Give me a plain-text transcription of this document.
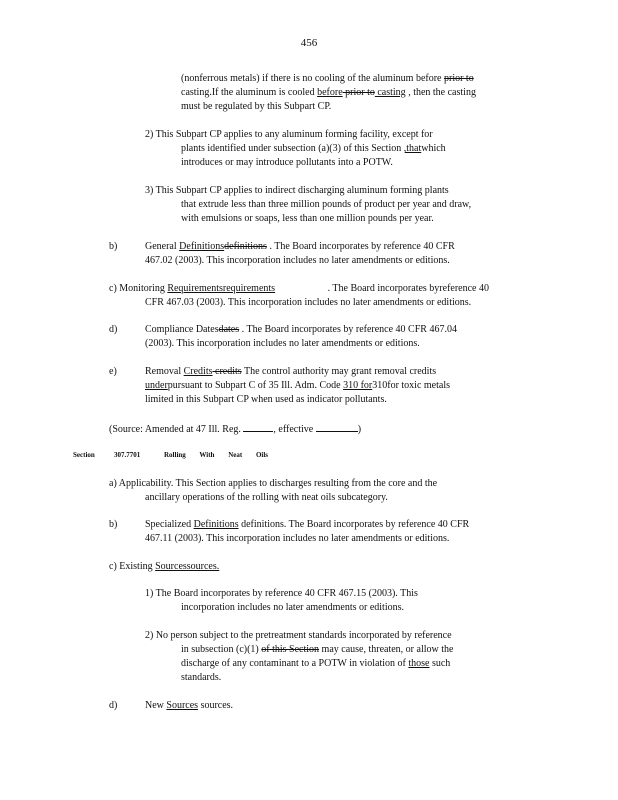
456
(nonferrous metals) if there is no cooling of the aluminum before prior to
casting.If the aluminum is cooled before prior to casting , then the casting
must be regulated by this Subpart CP.
2) This Subpart CP applies to any aluminum forming facility, except for
plants identified under subsection (a)(3) of this Section ,thatwhich
introduces or may introduce pollutants into a POTW.
3) This Subpart CP applies to indirect discharging aluminum forming plants
that extrude less than three million pounds of product per year and draw,
with emulsions or soaps, less than one million pounds per year.
b)	General Definitionsdefinitions . The Board incorporates by reference 40 CFR
467.02 (2003). This incorporation includes no later amendments or editions.
c) Monitoring Requirementsrequirements	. The Board incorporates byreference 40
CFR 467.03 (2003). This incorporation includes no later amendments or editions.
d)	Compliance Datesdates . The Board incorporates by reference 40 CFR 467.04
(2003). This incorporation includes no later amendments or editions.
e)	Removal Credits credits The control authority may grant removal credits
underpursuant to Subpart C of 35 Ill. Adm. Code 310 for310for toxic metals
limited in this Subpart CP when used as indicator pollutants.
(Source: Amended at 47 Ill. Reg.	, effective	)
Section	307.7701	Rolling With Neat Oils
a) Applicability. This Section applies to discharges resulting from the core and the
ancillary operations of the rolling with neat oils subcategory.
b)	Specialized Definitions definitions. The Board incorporates by reference 40 CFR
467.11 (2003). This incorporation includes no later amendments or editions.
c) Existing Sourcessources.
1) The Board incorporates by reference 40 CFR 467.15 (2003). This
incorporation includes no later amendments or editions.
2) No person subject to the pretreatment standards incorporated by reference
in subsection (c)(1) of this Section may cause, threaten, or allow the
discharge of any contaminant to a POTW in violation of those such
standards.
d)	New Sources sources.
